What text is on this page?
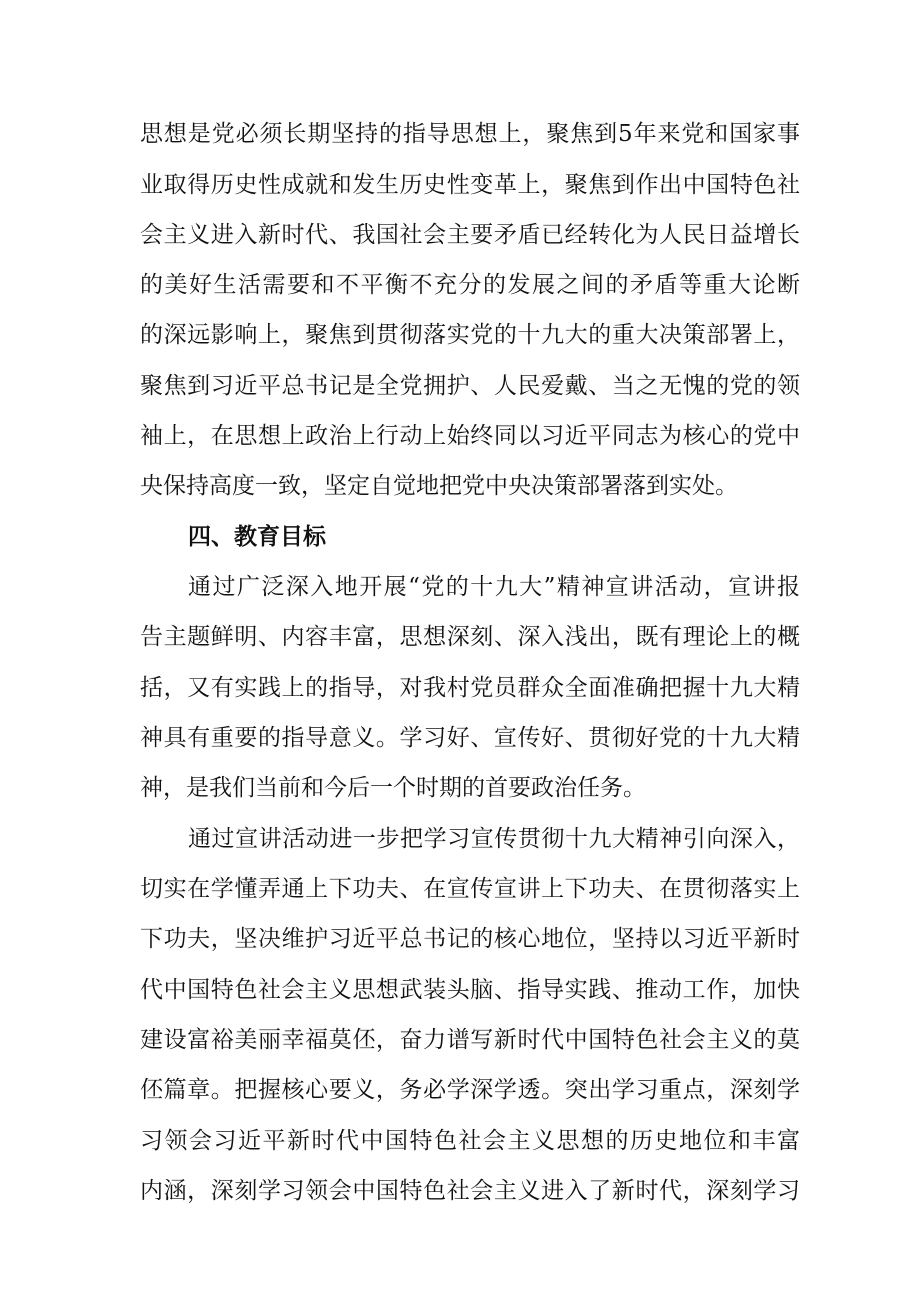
思想是党必须长期坚持的指导思想上，聚焦到5年来党和国家事
业取得历史性成就和发生历史性变革上，聚焦到作出中国特色社
会主义进入新时代、我国社会主要矛盾已经转化为人民日益增长
的美好生活需要和不平衡不充分的发展之间的矛盾等重大论断
的深远影响上，聚焦到贯彻落实党的十九大的重大决策部署上，
聚焦到习近平总书记是全党拥护、人民爱戴、当之无愧的党的领
袖上，在思想上政治上行动上始终同以习近平同志为核心的党中
央保持高度一致，坚定自觉地把党中央决策部署落到实处。
四、教育目标
通过广泛深入地开展“党的十九大”精神宣讲活动，宣讲报
告主题鲜明、内容丰富，思想深刻、深入浅出，既有理论上的概
括，又有实践上的指导，对我村党员群众全面准确把握十九大精
神具有重要的指导意义。学习好、宣传好、贯彻好党的十九大精
神，是我们当前和今后一个时期的首要政治任务。
通过宣讲活动进一步把学习宣传贯彻十九大精神引向深入，
切实在学懂弄通上下功夫、在宣传宣讲上下功夫、在贯彻落实上
下功夫，坚决维护习近平总书记的核心地位，坚持以习近平新时
代中国特色社会主义思想武装头脑、指导实践、推动工作，加快
建设富裕美丽幸福莫伾，奋力谱写新时代中国特色社会主义的莫
伾篇章。把握核心要义，务必学深学透。突出学习重点，深刻学
习领会习近平新时代中国特色社会主义思想的历史地位和丰富
内涵，深刻学习领会中国特色社会主义进入了新时代，深刻学习
